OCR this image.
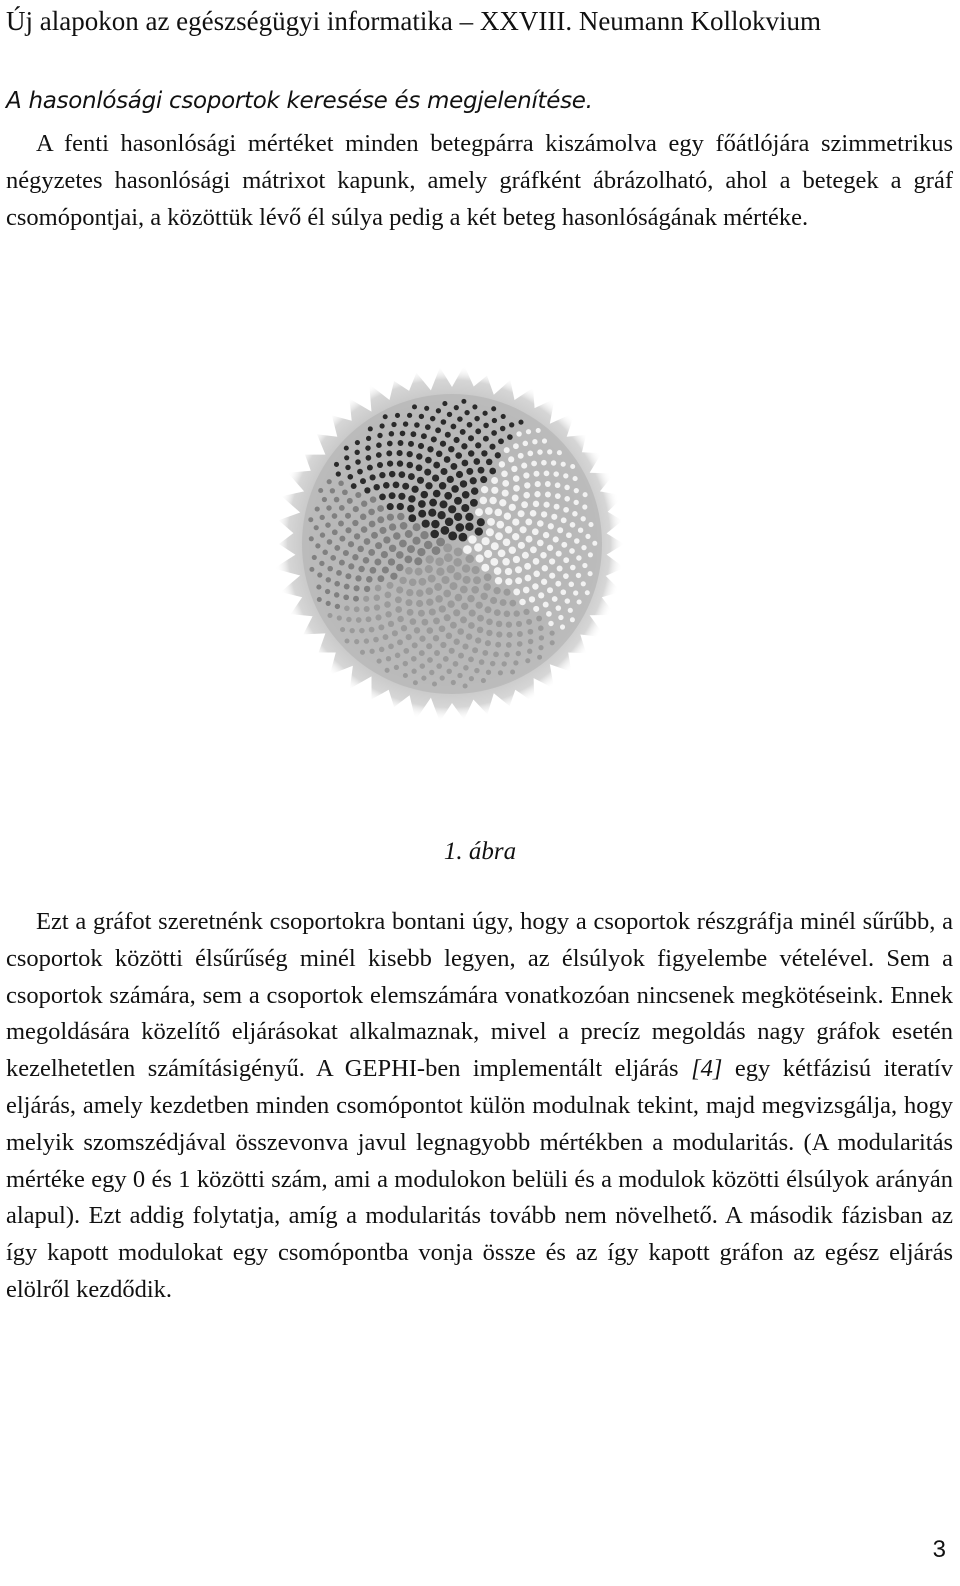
Új alapokon az egészségügyi informatika – XXVIII. Neumann Kollokvium
A hasonlósági csoportok keresése és megjelenítése.

A fenti hasonlósági mértéket minden betegpárra kiszámolva egy főátlójára szimmetrikus négyzetes hasonlósági mátrixot kapunk, amely gráfként ábrázolható, ahol a betegek a gráf csomópontjai, a közöttük lévő él súlya pedig a két beteg hasonlóságának mértéke.

1. ábra

Ezt a gráfot szeretnénk csoportokra bontani úgy, hogy a csoportok részgráfja minél sűrűbb, a csoportok közötti élsűrűség minél kisebb legyen, az élsúlyok figyelembe vételével. Sem a csoportok számára, sem a csoportok elemszámára vonatkozóan nincsenek megkötéseink. Ennek megoldására közelítő eljárásokat alkalmaznak, mivel a precíz megoldás nagy gráfok esetén kezelhetetlen számításigényű. A GEPHI-ben implementált eljárás [4] egy kétfázisú iteratív eljárás, amely kezdetben minden csomópontot külön modulnak tekint, majd megvizsgálja, hogy melyik szomszédjával összevonva javul legnagyobb mértékben a modularitás. (A modularitás mértéke egy 0 és 1 közötti szám, ami a modulokon belüli és a modulok közötti élsúlyok arányán alapul). Ezt addig folytatja, amíg a modularitás tovább nem növelhető. A második fázisban az így kapott modulokat egy csomópontba vonja össze és az így kapott gráfon az egész eljárás elölről kezdődik.

3
